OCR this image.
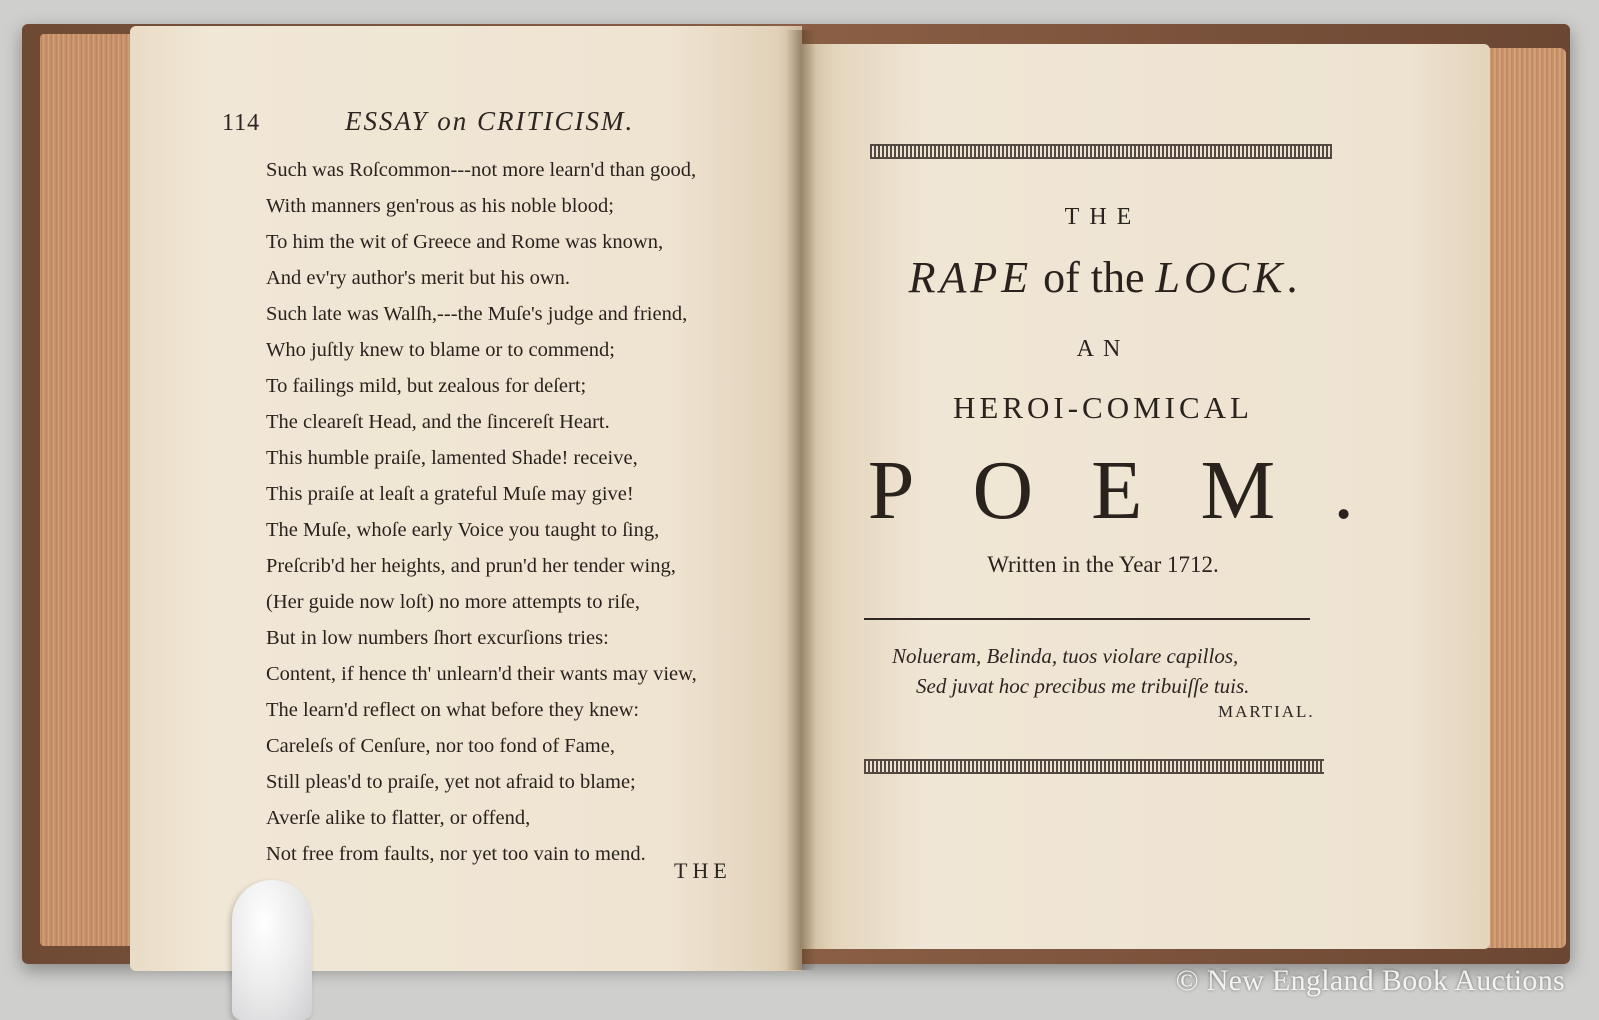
114	ESSAY on CRITICISM.
Such was Roſcommon---not more learn'd than good,
With manners gen'rous as his noble blood;
To him the wit of Greece and Rome was known,
And ev'ry author's merit but his own.
Such late was Walſh,---the Muſe's judge and friend,
Who juſtly knew to blame or to commend;
To failings mild, but zealous for deſert;
The cleareſt Head, and the ſincereſt Heart.
This humble praiſe, lamented Shade! receive,
This praiſe at leaſt a grateful Muſe may give!
The Muſe, whoſe early Voice you taught to ſing,
Preſcrib'd her heights, and prun'd her tender wing,
(Her guide now loſt) no more attempts to riſe,
But in low numbers ſhort excurſions tries:
Content, if hence th' unlearn'd their wants may view,
The learn'd reflect on what before they knew:
Careleſs of Cenſure, nor too fond of Fame,
Still pleas'd to praiſe, yet not afraid to blame;
Averſe alike to flatter, or offend,
Not free from faults, nor yet too vain to mend.
THE
THE
RAPE of the LOCK.
AN
HEROI-COMICAL
POEM.
Written in the Year 1712.
Nolueram, Belinda, tuos violare capillos,
Sed juvat hoc precibus me tribuiſſe tuis.
MARTIAL.
© New England Book Auctions
